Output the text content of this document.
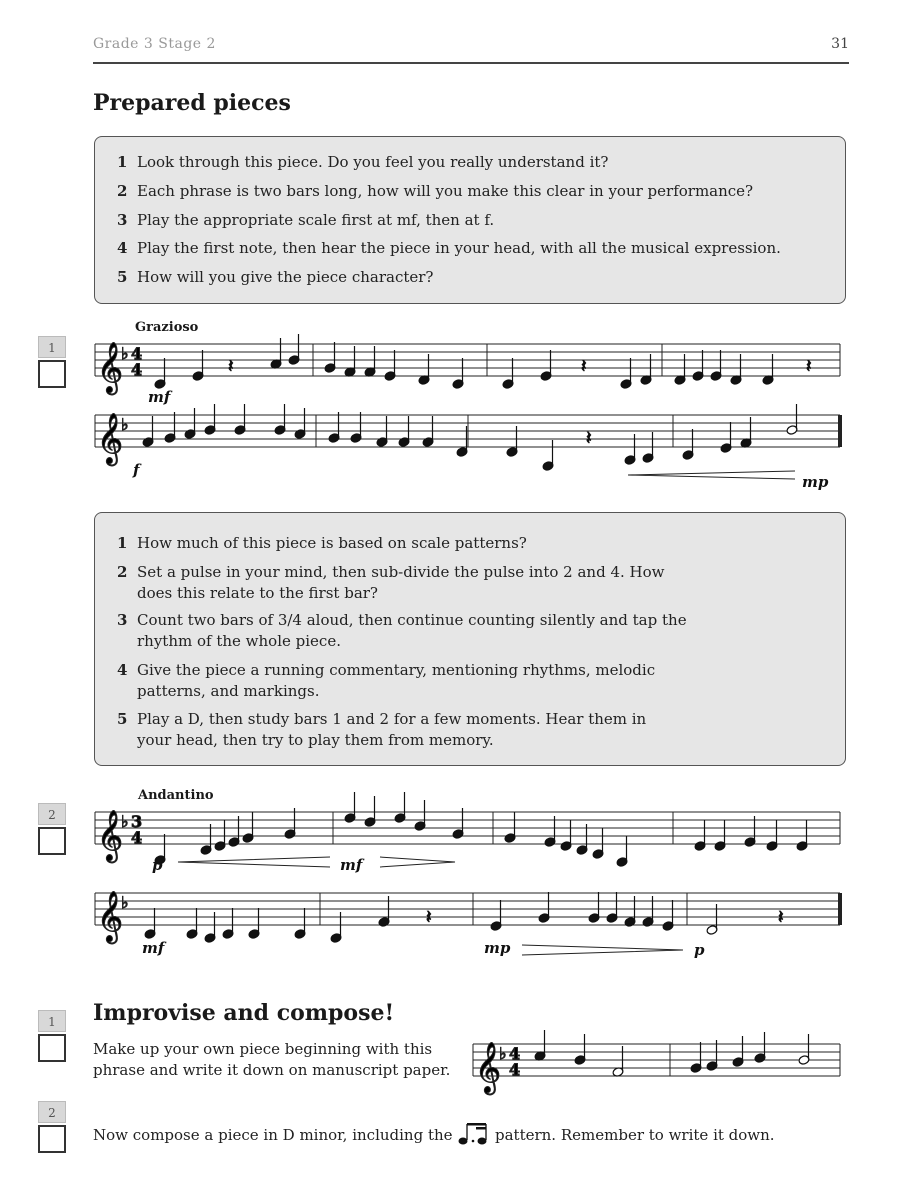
Grade 3 Stage 2	31
Prepared pieces
1 Look through this piece. Do you feel you really understand it?
2 Each phrase is two bars long, how will you make this clear in your performance?
3 Play the appropriate scale first at mf, then at f.
4 Play the first note, then hear the piece in your head, with all the musical expression.
5 How will you give the piece character?
1
Grazioso
1 How much of this piece is based on scale patterns?
2 Set a pulse in your mind, then sub-divide the pulse into 2 and 4. How
does this relate to the first bar?
3 Count two bars of 3/4 aloud, then continue counting silently and tap the
rhythm of the whole piece.
4 Give the piece a running commentary, mentioning rhythms, melodic
patterns, and markings.
5 Play a D, then study bars 1 and 2 for a few moments. Hear them in
your head, then try to play them from memory.
2
Andantino
Improvise and compose!
1
Make up your own piece beginning with this
phrase and write it down on manuscript paper.
2
Now compose a piece in D minor, including the	pattern. Remember to write it down.
𝄞
♭ 4
4
𝄞
♭
𝄞
♭ 3
4
𝄞
♭
𝄞
♭ 4
4
𝄽	𝄽	𝄽
𝄽
𝄽	𝄽
mf
f
mp
p	mf
mf	mp	p
